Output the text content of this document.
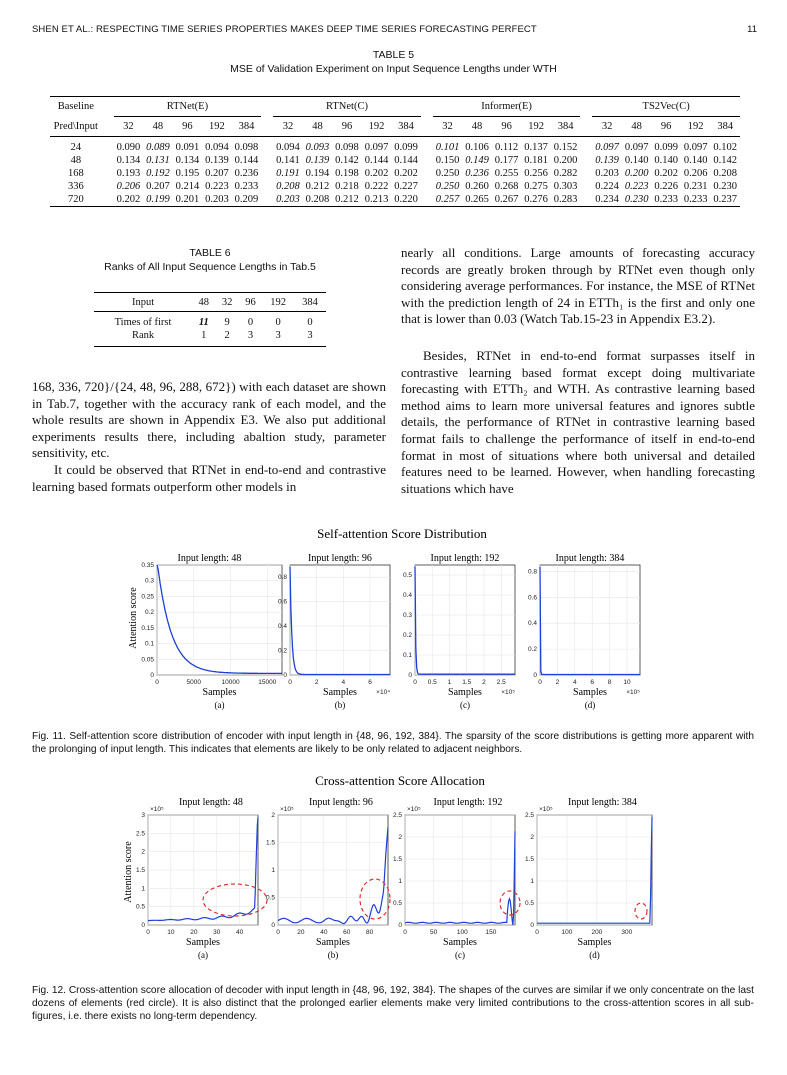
SHEN ET AL.: RESPECTING TIME SERIES PROPERTIES MAKES DEEP TIME SERIES FORECASTING PERFECT	11
TABLE 5
MSE of Validation Experiment on Input Sequence Lengths under WTH
Baseline		RTNet(E)						RTNet(C)						Informer(E)						TS2Vec(C)				
Pred\Input		32	48	96	192	384		32	48	96	192	384		32	48	96	192	384		32	48	96	192	384
24		0.090	0.089	0.091	0.094	0.098		0.094	0.093	0.098	0.097	0.099		0.101	0.106	0.112	0.137	0.152		0.097	0.097	0.099	0.097	0.102
48		0.134	0.131	0.134	0.139	0.144		0.141	0.139	0.142	0.144	0.144		0.150	0.149	0.177	0.181	0.200		0.139	0.140	0.140	0.140	0.142
168		0.193	0.192	0.195	0.207	0.236		0.191	0.194	0.198	0.202	0.202		0.250	0.236	0.255	0.256	0.282		0.203	0.200	0.202	0.206	0.208
336		0.206	0.207	0.214	0.223	0.233		0.208	0.212	0.218	0.222	0.227		0.250	0.260	0.268	0.275	0.303		0.224	0.223	0.226	0.231	0.230
720		0.202	0.199	0.201	0.203	0.209		0.203	0.208	0.212	0.213	0.220		0.257	0.265	0.267	0.276	0.283		0.234	0.230	0.233	0.233	0.237
TABLE 6
Ranks of All Input Sequence Lengths in Tab.5
Input	48	32	96	192	384
Times of first	11	9	0	0	0
Rank	1	2	3	3	3
168, 336, 720}/{24, 48, 96, 288, 672}) with each dataset are shown in Tab.7, together with the accuracy rank of each model, and the whole results are shown in Appendix E3. We also put additional experiments results there, including abaltion study, parameter sensitivity, etc.
It could be observed that RTNet in end-to-end and contrastive learning based formats outperform other models in
nearly all conditions. Large amounts of forecasting accuracy records are greatly broken through by RTNet even though only considering average performances. For instance, the MSE of RTNet with the prediction length of 24 in ETTh₁ is the first and only one that is lower than 0.03 (Watch Tab.15-23 in Appendix E3.2).
Besides, RTNet in end-to-end format surpasses itself in contrastive learning based format except doing multivariate forecasting with ETTh₂ and WTH. As contrastive learning based method aims to learn more universal features and ignores subtle details, the performance of RTNet in contrastive learning based format fails to challenge the performance of itself in end-to-end format in most of situations where both universal and detailed features need to be learned. However, when handling forecasting situations which have
Self-attention Score Distribution
Attention score
0
0.05
0.1
0.15
0.2
0.25
0.3
0.35
0	5000	10000	15000
Input length: 48
Samples
(a)
0
0.2
0.4
0.6
0.8
0	2	4	6
Input length: 96
Samples
(b)
×10⁴
0
0.1
0.2
0.3
0.4
0.5
0 0.5 1 1.5 2 2.5
Input length: 192
Samples
(c)
×10⁵
0
0.2
0.4
0.6
0.8
0 2 4 6 8 10
Input length: 384
Samples
(d)
×10⁵
Fig. 11. Self-attention score distribution of encoder with input length in {48, 96, 192, 384}. The sparsity of the score distributions is getting more apparent with the prolonging of input length. This indicates that elements are likely to be only related to adjacent neighbors.
Cross-attention Score Allocation
Attention score
0
0.5
1
1.5
2
2.5
3
0	10 20 30 40
Input length: 48
×10⁵
Samples
(a)
0
0.5
1
1.5
2
0	20 40 60 80
Input length: 96
×10⁵
Samples
(b)
0
0.5
1
1.5
2
2.5
0	50	100	150
Input length: 192
×10⁵
Samples
(c)
0
0.5
1
1.5
2
2.5
0	100	200	300
Input length: 384
×10⁵
Samples
(d)
Fig. 12. Cross-attention score allocation of decoder with input length in {48, 96, 192, 384}. The shapes of the curves are similar if we only concentrate on the last dozens of elements (red circle). It is also distinct that the prolonged earlier elements make very limited contributions to the cross-attention scores in all sub-figures, i.e. there exists no long-term dependency.
